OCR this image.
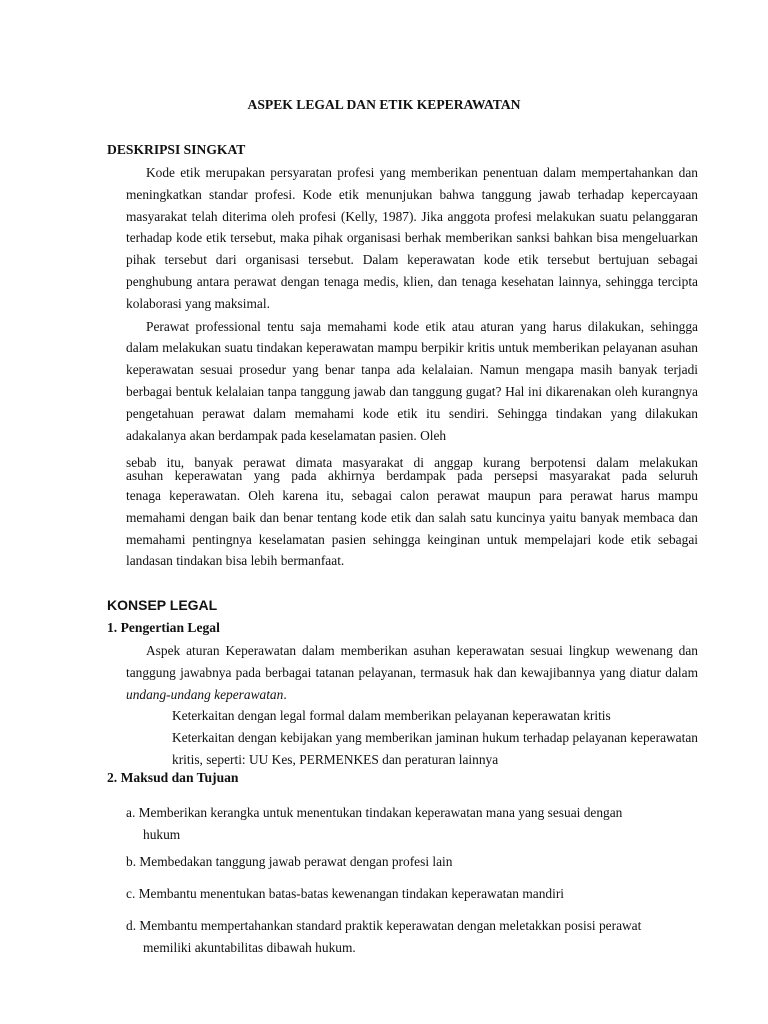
ASPEK LEGAL DAN ETIK KEPERAWATAN
DESKRIPSI SINGKAT

Kode etik merupakan persyaratan profesi yang memberikan penentuan dalam mempertahankan dan meningkatkan standar profesi. Kode etik menunjukan bahwa tanggung jawab terhadap kepercayaan masyarakat telah diterima oleh profesi (Kelly, 1987). Jika anggota profesi melakukan suatu pelanggaran terhadap kode etik tersebut, maka pihak organisasi berhak memberikan sanksi bahkan bisa mengeluarkan pihak tersebut dari organisasi tersebut. Dalam keperawatan kode etik tersebut bertujuan sebagai penghubung antara perawat dengan tenaga medis, klien, dan tenaga kesehatan lainnya, sehingga tercipta kolaborasi yang maksimal.

Perawat professional tentu saja memahami kode etik atau aturan yang harus dilakukan, sehingga dalam melakukan suatu tindakan keperawatan mampu berpikir kritis untuk memberikan pelayanan asuhan keperawatan sesuai prosedur yang benar tanpa ada kelalaian. Namun mengapa masih banyak terjadi berbagai bentuk kelalaian tanpa tanggung jawab dan tanggung gugat? Hal ini dikarenakan oleh kurangnya pengetahuan perawat dalam memahami kode etik itu sendiri. Sehingga tindakan yang dilakukan adakalanya akan berdampak pada keselamatan pasien. Oleh

sebab itu, banyak perawat dimata masyarakat di anggap kurang berpotensi dalam melakukan
asuhan keperawatan yang pada akhirnya berdampak pada persepsi masyarakat pada seluruh

tenaga keperawatan. Oleh karena itu, sebagai calon perawat maupun para perawat harus mampu memahami dengan baik dan benar tentang kode etik dan salah satu kuncinya yaitu banyak membaca dan memahami pentingnya keselamatan pasien sehingga keinginan untuk mempelajari kode etik sebagai landasan tindakan bisa lebih bermanfaat.

KONSEP LEGAL
1. Pengertian Legal

Aspek aturan Keperawatan dalam memberikan asuhan keperawatan sesuai lingkup wewenang dan tanggung jawabnya pada berbagai tatanan pelayanan, termasuk hak dan kewajibannya yang diatur dalam undang-undang keperawatan.

Keterkaitan dengan legal formal dalam memberikan pelayanan keperawatan kritis
Keterkaitan dengan kebijakan yang memberikan jaminan hukum terhadap pelayanan keperawatan kritis, seperti: UU Kes, PERMENKES dan peraturan lainnya
2. Maksud dan Tujuan
a. Memberikan kerangka untuk menentukan tindakan keperawatan mana yang sesuai dengan
hukum
b. Membedakan tanggung jawab perawat dengan profesi lain
c. Membantu menentukan batas-batas kewenangan tindakan keperawatan mandiri
d. Membantu mempertahankan standard praktik keperawatan dengan meletakkan posisi perawat
memiliki akuntabilitas dibawah hukum.
